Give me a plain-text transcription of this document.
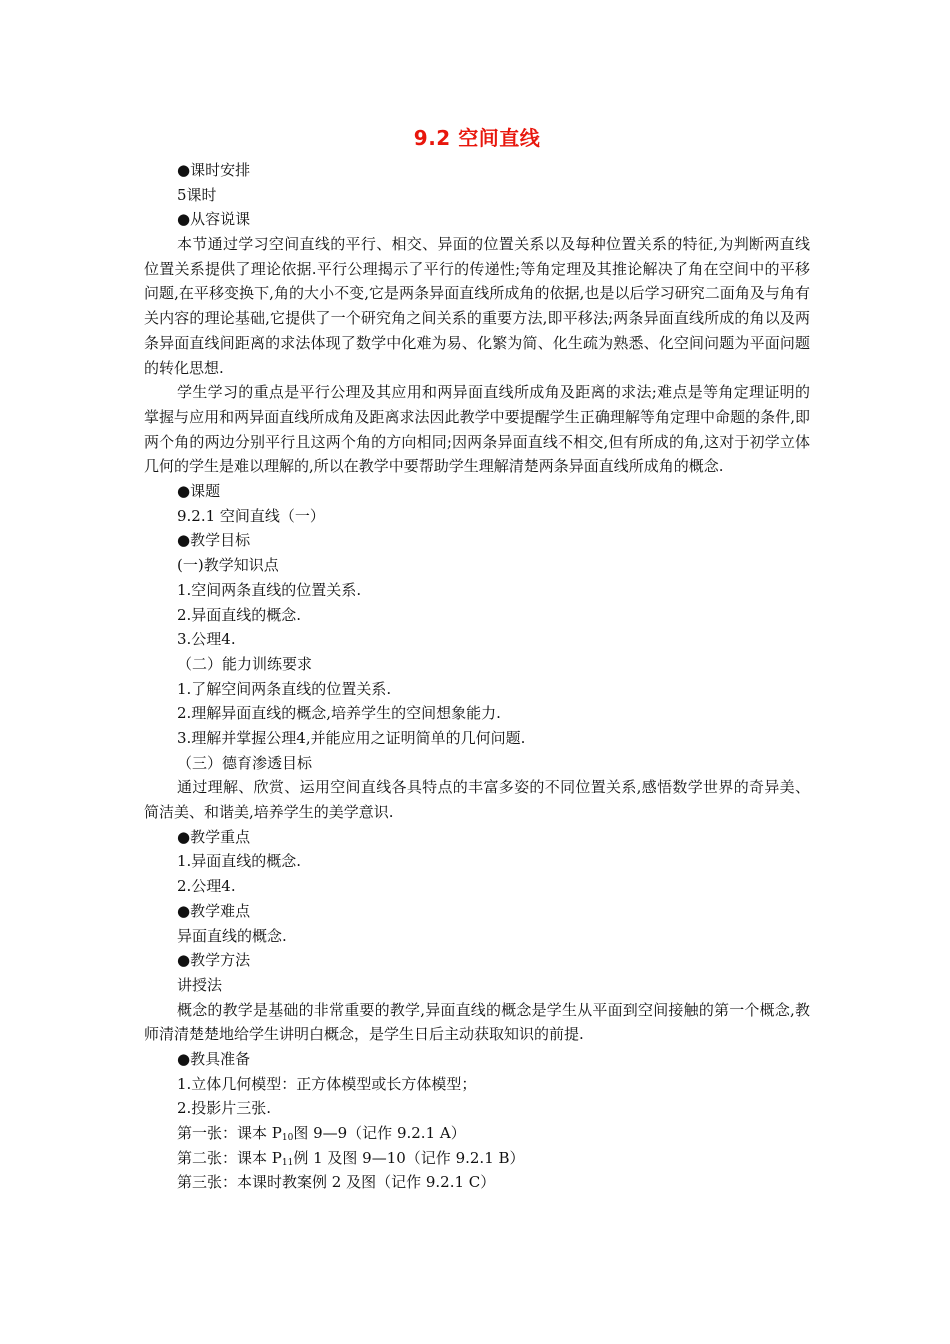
9.2 空间直线
●课时安排
5课时
●从容说课

本节通过学习空间直线的平行、相交、异面的位置关系以及每种位置关系的特征,为判断两直线位置关系提供了理论依据.平行公理揭示了平行的传递性;等角定理及其推论解决了角在空间中的平移问题,在平移变换下,角的大小不变,它是两条异面直线所成角的依据,也是以后学习研究二面角及与角有关内容的理论基础,它提供了一个研究角之间关系的重要方法,即平移法;两条异面直线所成的角以及两条异面直线间距离的求法体现了数学中化难为易、化繁为简、化生疏为熟悉、化空间问题为平面问题的转化思想.

学生学习的重点是平行公理及其应用和两异面直线所成角及距离的求法;难点是等角定理证明的掌握与应用和两异面直线所成角及距离求法因此教学中要提醒学生正确理解等角定理中命题的条件,即两个角的两边分别平行且这两个角的方向相同;因两条异面直线不相交,但有所成的角,这对于初学立体几何的学生是难以理解的,所以在教学中要帮助学生理解清楚两条异面直线所成角的概念.

●课题
9.2.1 空间直线（一）
●教学目标
(一)教学知识点
1.空间两条直线的位置关系.
2.异面直线的概念.
3.公理4.
（二）能力训练要求
1.了解空间两条直线的位置关系.
2.理解异面直线的概念,培养学生的空间想象能力.
3.理解并掌握公理4,并能应用之证明简单的几何问题.
（三）德育渗透目标

通过理解、欣赏、运用空间直线各具特点的丰富多姿的不同位置关系,感悟数学世界的奇异美、简洁美、和谐美,培养学生的美学意识.

●教学重点
1.异面直线的概念.
2.公理4.
●教学难点
异面直线的概念.
●教学方法
讲授法

概念的教学是基础的非常重要的教学,异面直线的概念是学生从平面到空间接触的第一个概念,教师清清楚楚地给学生讲明白概念，是学生日后主动获取知识的前提.

●教具准备
1.立体几何模型：正方体模型或长方体模型；
2.投影片三张.
第一张：课本 $P_{10}$图 9—9（记作 9.2.1 A）
第二张：课本 $P_{11}$例 1 及图 9—10（记作 9.2.1 B）
第三张：本课时教案例 2 及图（记作 9.2.1 C）
